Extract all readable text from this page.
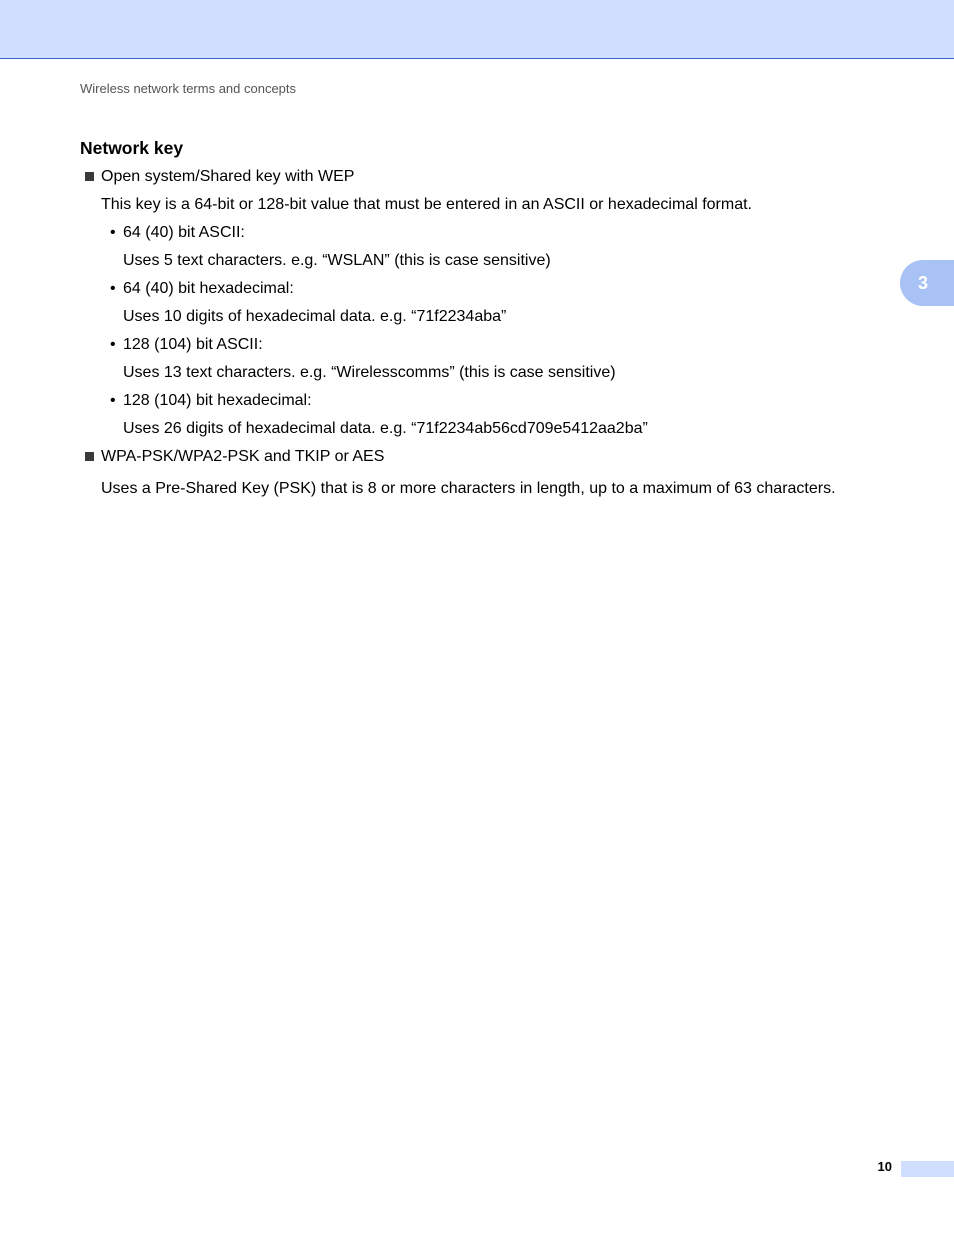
Wireless network terms and concepts

Network key

Open system/Shared key with WEP

This key is a 64-bit or 128-bit value that must be entered in an ASCII or hexadecimal format.

• 64 (40) bit ASCII:

Uses 5 text characters. e.g. “WSLAN” (this is case sensitive)

• 64 (40) bit hexadecimal:

Uses 10 digits of hexadecimal data. e.g. “71f2234aba”

• 128 (104) bit ASCII:

Uses 13 text characters. e.g. “Wirelesscomms” (this is case sensitive)

• 128 (104) bit hexadecimal:

Uses 26 digits of hexadecimal data. e.g. “71f2234ab56cd709e5412aa2ba”

WPA-PSK/WPA2-PSK and TKIP or AES

Uses a Pre-Shared Key (PSK) that is 8 or more characters in length, up to a maximum of 63 characters.

3
10
